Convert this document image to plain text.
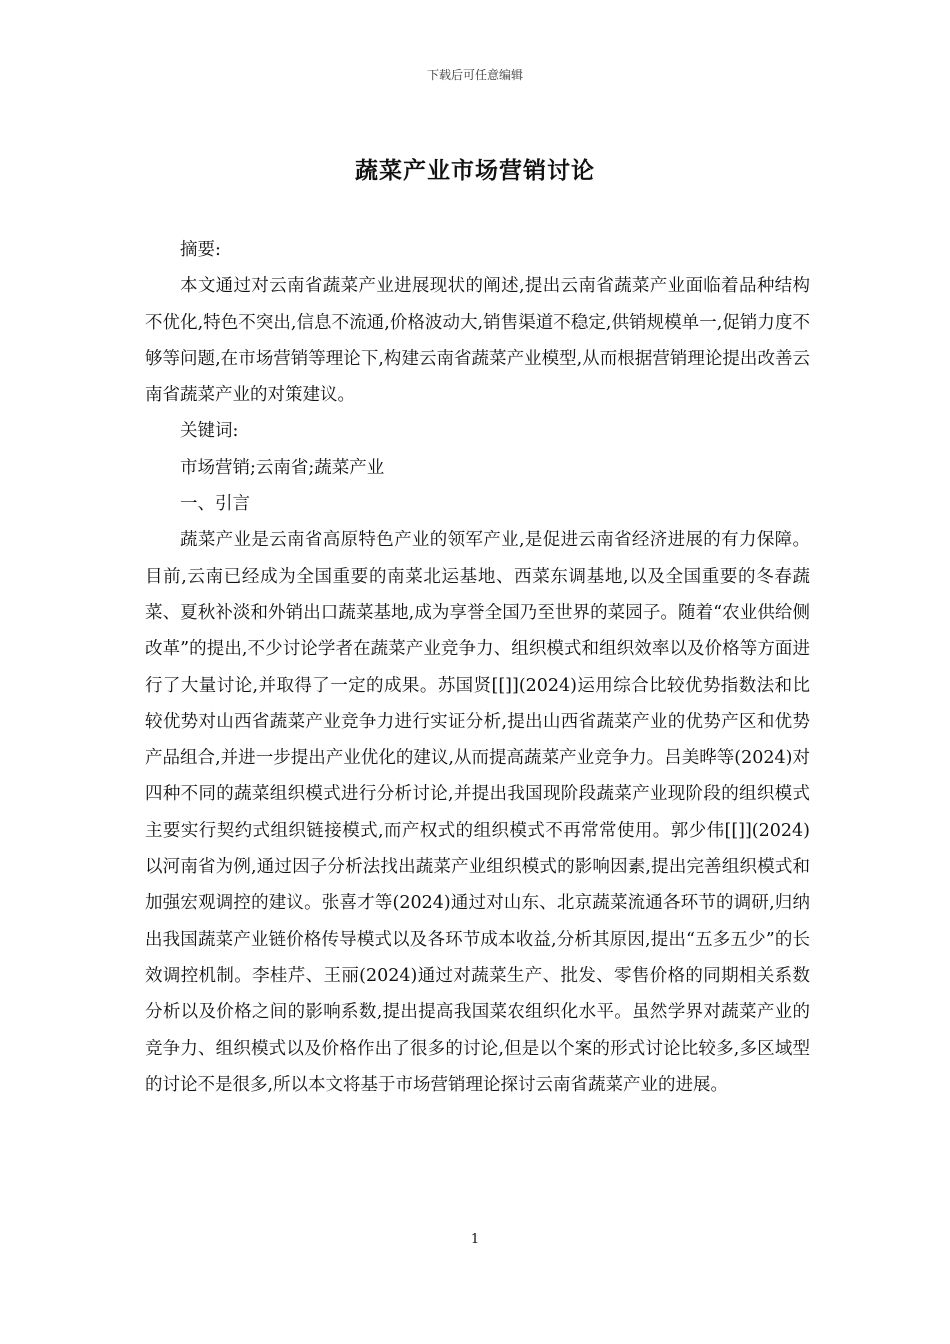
下载后可任意编辑
蔬菜产业市场营销讨论

摘要:

本文通过对云南省蔬菜产业进展现状的阐述,提出云南省蔬菜产业面临着品种结构不优化,特色不突出,信息不流通,价格波动大,销售渠道不稳定,供销规模单一,促销力度不够等问题,在市场营销等理论下,构建云南省蔬菜产业模型,从而根据营销理论提出改善云南省蔬菜产业的对策建议。

关键词:

市场营销;云南省;蔬菜产业

一、引言

蔬菜产业是云南省高原特色产业的领军产业,是促进云南省经济进展的有力保障。目前,云南已经成为全国重要的南菜北运基地、西菜东调基地,以及全国重要的冬春蔬菜、夏秋补淡和外销出口蔬菜基地,成为享誉全国乃至世界的菜园子。随着“农业供给侧改革”的提出,不少讨论学者在蔬菜产业竞争力、组织模式和组织效率以及价格等方面进行了大量讨论,并取得了一定的成果。苏国贤[[]](2024)运用综合比较优势指数法和比较优势对山西省蔬菜产业竞争力进行实证分析,提出山西省蔬菜产业的优势产区和优势产品组合,并进一步提出产业优化的建议,从而提高蔬菜产业竞争力。吕美晔等(2024)对四种不同的蔬菜组织模式进行分析讨论,并提出我国现阶段蔬菜产业现阶段的组织模式主要实行契约式组织链接模式,而产权式的组织模式不再常常使用。郭少伟[[]](2024)以河南省为例,通过因子分析法找出蔬菜产业组织模式的影响因素,提出完善组织模式和加强宏观调控的建议。张喜才等(2024)通过对山东、北京蔬菜流通各环节的调研,归纳出我国蔬菜产业链价格传导模式以及各环节成本收益,分析其原因,提出“五多五少”的长效调控机制。李桂芹、王丽(2024)通过对蔬菜生产、批发、零售价格的同期相关系数分析以及价格之间的影响系数,提出提高我国菜农组织化水平。虽然学界对蔬菜产业的竞争力、组织模式以及价格作出了很多的讨论,但是以个案的形式讨论比较多,多区域型的讨论不是很多,所以本文将基于市场营销理论探讨云南省蔬菜产业的进展。

1
